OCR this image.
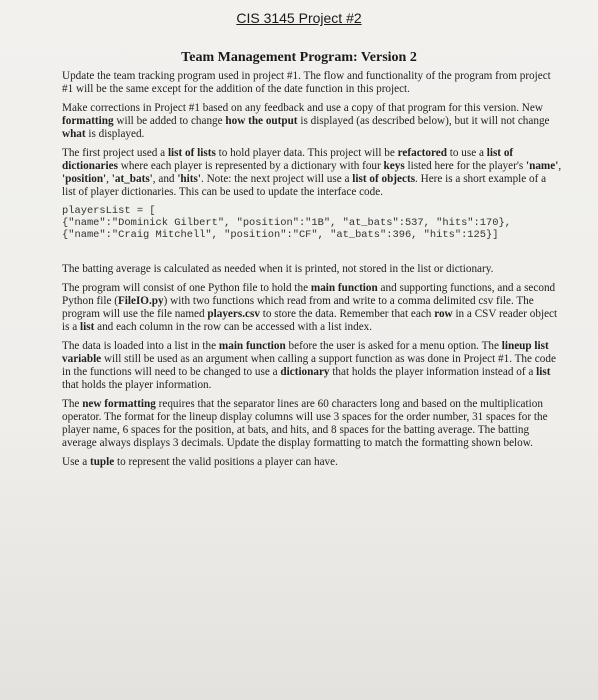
CIS 3145 Project #2
Team Management Program: Version 2

Update the team tracking program used in project #1. The flow and functionality of the program from project #1 will be the same except for the addition of the date function in this project.

Make corrections in Project #1 based on any feedback and use a copy of that program for this version. New formatting will be added to change how the output is displayed (as described below), but it will not change what is displayed.

The first project used a list of lists to hold player data. This project will be refactored to use a list of dictionaries where each player is represented by a dictionary with four keys listed here for the player's 'name', 'position', 'at_bats', and 'hits'. Note: the next project will use a list of objects. Here is a short example of a list of player dictionaries. This can be used to update the interface code.

playersList = [
{"name":"Dominick Gilbert", "position":"1B", "at_bats":537, "hits":170},
{"name":"Craig Mitchell", "position":"CF", "at_bats":396, "hits":125}]

The batting average is calculated as needed when it is printed, not stored in the list or dictionary.

The program will consist of one Python file to hold the main function and supporting functions, and a second Python file (FileIO.py) with two functions which read from and write to a comma delimited csv file. The program will use the file named players.csv to store the data. Remember that each row in a CSV reader object is a list and each column in the row can be accessed with a list index.

The data is loaded into a list in the main function before the user is asked for a menu option. The lineup list variable will still be used as an argument when calling a support function as was done in Project #1. The code in the functions will need to be changed to use a dictionary that holds the player information instead of a list that holds the player information.

The new formatting requires that the separator lines are 60 characters long and based on the multiplication operator. The format for the lineup display columns will use 3 spaces for the order number, 31 spaces for the player name, 6 spaces for the position, at bats, and hits, and 8 spaces for the batting average. The batting average always displays 3 decimals. Update the display formatting to match the formatting shown below.

Use a tuple to represent the valid positions a player can have.
